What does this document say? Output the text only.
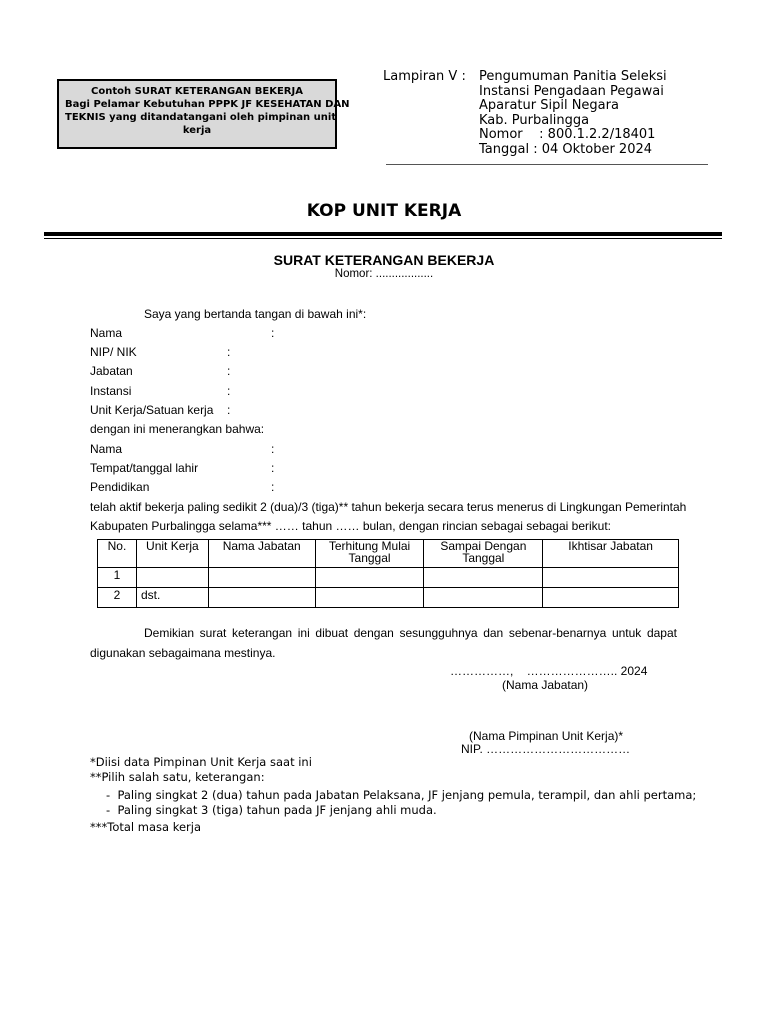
Contoh SURAT KETERANGAN BEKERJA
Bagi Pelamar Kebutuhan PPPK JF KESEHATAN DAN
TEKNIS yang ditandatangani oleh pimpinan unit
kerja
Lampiran V : Pengumuman Panitia Seleksi
Instansi Pengadaan Pegawai
Aparatur Sipil Negara
Kab. Purbalingga
Nomor    : 800.1.2.2/18401
Tanggal : 04 Oktober 2024
KOP UNIT KERJA
SURAT KETERANGAN BEKERJA
Nomor: ..................
Saya yang bertanda tangan di bawah ini*:
Nama	:
NIP/ NIK	:
Jabatan	:
Instansi	:
Unit Kerja/Satuan kerja :
dengan ini menerangkan bahwa:
Nama	:
Tempat/tanggal lahir	:
Pendidikan	:
telah aktif bekerja paling sedikit 2 (dua)/3 (tiga)** tahun bekerja secara terus menerus di Lingkungan Pemerintah
Kabupaten Purbalingga selama*** …… tahun …… bulan, dengan rincian sebagai sebagai berikut:
No.	Unit Kerja	Nama Jabatan	Terhitung Mulai Tanggal	Sampai Dengan Tanggal	Ikhtisar Jabatan
1					
2	dst.				
Demikian surat keterangan ini dibuat dengan sesungguhnya dan sebenar-benarnya untuk dapat
digunakan sebagaimana mestinya.
……………,    ………………….. 2024
(Nama Jabatan)
(Nama Pimpinan Unit Kerja)*
NIP. ………………………………
*Diisi data Pimpinan Unit Kerja saat ini
**Pilih salah satu, keterangan:
-  Paling singkat 2 (dua) tahun pada Jabatan Pelaksana, JF jenjang pemula, terampil, dan ahli pertama;
-  Paling singkat 3 (tiga) tahun pada JF jenjang ahli muda.
***Total masa kerja
